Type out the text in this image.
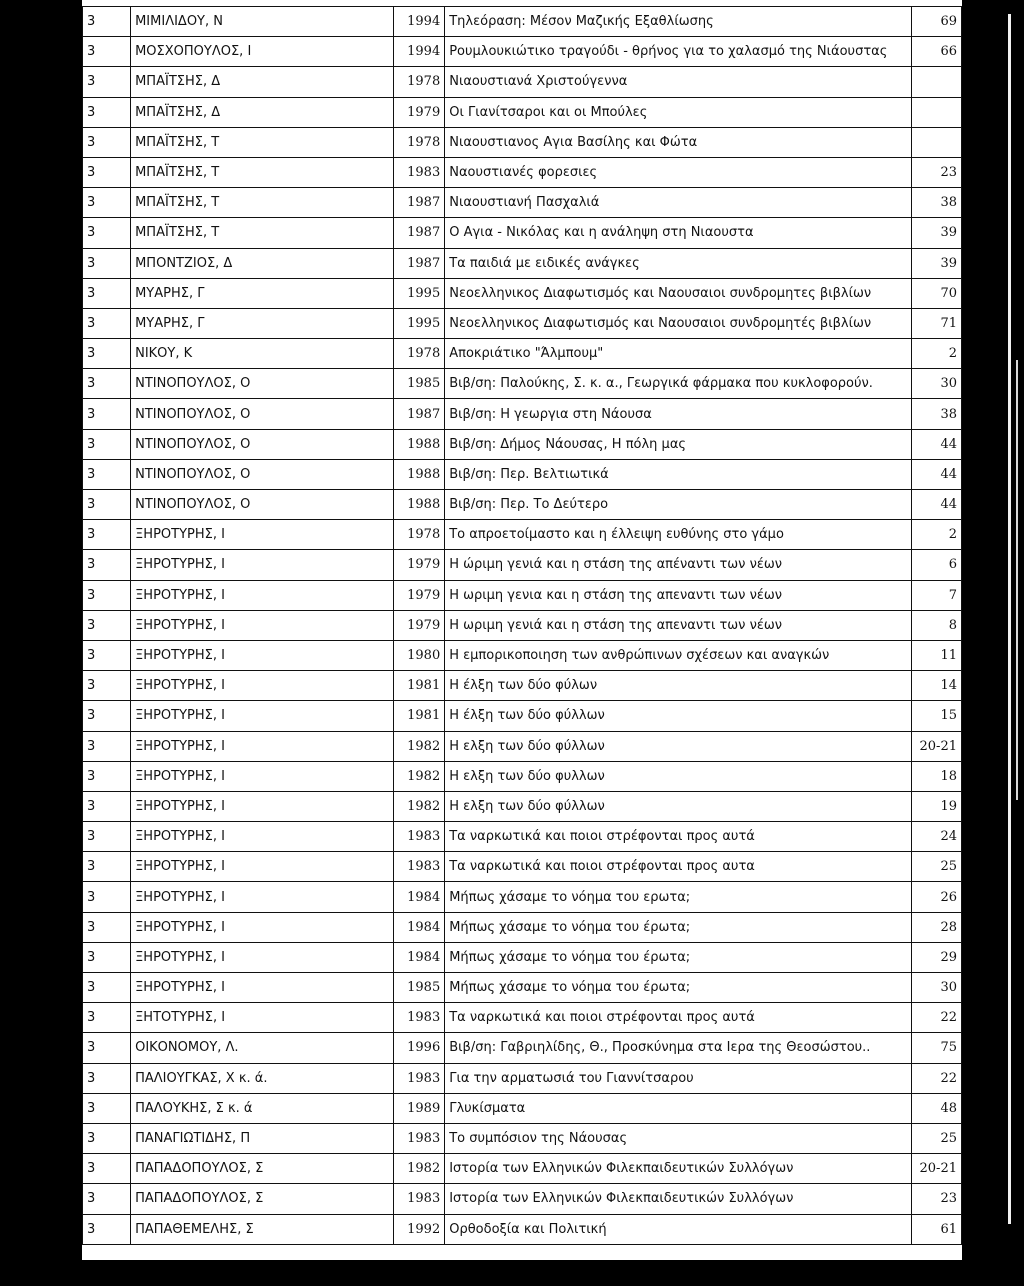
3	ΜΙΜΙΛΙΔΟΥ, Ν	1994	Τηλεόραση: Μέσον Μαζικής Εξαθλίωσης	69
3	ΜΟΣΧΟΠΟΥΛΟΣ, Ι	1994	Ρουμλουκιώτικο τραγούδι - θρήνος για το χαλασμό της Νιάουστας	66
3	ΜΠΑΪΤΣΗΣ, Δ	1978	Νιαουστιανά Χριστούγεννα	
3	ΜΠΑΪΤΣΗΣ, Δ	1979	Οι Γιανίτσαροι και οι Μπούλες	
3	ΜΠΑΪΤΣΗΣ, Τ	1978	Νιαουστιανος Αγια Βασίλης και Φώτα	
3	ΜΠΑΪΤΣΗΣ, Τ	1983	Ναουστιανές φορεσιες	23
3	ΜΠΑΪΤΣΗΣ, Τ	1987	Νιαουστιανή Πασχαλιά	38
3	ΜΠΑΪΤΣΗΣ, Τ	1987	Ο Αγια - Νικόλας και η ανάληψη στη Νιαουστα	39
3	ΜΠΟΝΤΖΙΟΣ, Δ	1987	Τα παιδιά με ειδικές ανάγκες	39
3	ΜΥΑΡΗΣ, Γ	1995	Νεοελληνικος Διαφωτισμός και Ναουσαιοι συνδρομητες βιβλίων	70
3	ΜΥΑΡΗΣ, Γ	1995	Νεοελληνικος Διαφωτισμός και Ναουσαιοι συνδρομητές βιβλίων	71
3	ΝΙΚΟΥ, Κ	1978	Αποκριάτικο "Άλμπουμ"	2
3	ΝΤΙΝΟΠΟΥΛΟΣ, Ο	1985	Βιβ/ση: Παλούκης, Σ. κ. α., Γεωργικά φάρμακα που κυκλοφορούν.	30
3	ΝΤΙΝΟΠΟΥΛΟΣ, Ο	1987	Βιβ/ση: Η γεωργια στη Νάουσα	38
3	ΝΤΙΝΟΠΟΥΛΟΣ, Ο	1988	Βιβ/ση: Δήμος Νάουσας, Η πόλη μας	44
3	ΝΤΙΝΟΠΟΥΛΟΣ, Ο	1988	Βιβ/ση: Περ. Βελτιωτικά	44
3	ΝΤΙΝΟΠΟΥΛΟΣ, Ο	1988	Βιβ/ση: Περ. Το Δεύτερο	44
3	ΞΗΡΟΤΥΡΗΣ, Ι	1978	Το απροετοίμαστο και η έλλειψη ευθύνης στο γάμο	2
3	ΞΗΡΟΤΥΡΗΣ, Ι	1979	Η ώριμη γενιά και η στάση της απέναντι των νέων	6
3	ΞΗΡΟΤΥΡΗΣ, Ι	1979	Η ωριμη γενια και η στάση της απεναντι των νέων	7
3	ΞΗΡΟΤΥΡΗΣ, Ι	1979	Η ωριμη γενιά και η στάση της απεναντι των νέων	8
3	ΞΗΡΟΤΥΡΗΣ, Ι	1980	Η εμπορικοποιηση των ανθρώπινων σχέσεων και αναγκών	11
3	ΞΗΡΟΤΥΡΗΣ, Ι	1981	Η έλξη των δύο φύλων	14
3	ΞΗΡΟΤΥΡΗΣ, Ι	1981	Η έλξη των δύο φύλλων	15
3	ΞΗΡΟΤΥΡΗΣ, Ι	1982	Η ελξη των δύο φύλλων	20-21
3	ΞΗΡΟΤΥΡΗΣ, Ι	1982	Η ελξη των δύο φυλλων	18
3	ΞΗΡΟΤΥΡΗΣ, Ι	1982	Η ελξη των δύο φύλλων	19
3	ΞΗΡΟΤΥΡΗΣ, Ι	1983	Τα ναρκωτικά και ποιοι στρέφονται προς αυτά	24
3	ΞΗΡΟΤΥΡΗΣ, Ι	1983	Τα ναρκωτικά και ποιοι στρέφονται προς αυτα	25
3	ΞΗΡΟΤΥΡΗΣ, Ι	1984	Μήπως χάσαμε το νόημα του ερωτα;	26
3	ΞΗΡΟΤΥΡΗΣ, Ι	1984	Μήπως χάσαμε το νόημα του έρωτα;	28
3	ΞΗΡΟΤΥΡΗΣ, Ι	1984	Μήπως χάσαμε το νόημα του έρωτα;	29
3	ΞΗΡΟΤΥΡΗΣ, Ι	1985	Μήπως χάσαμε το νόημα του έρωτα;	30
3	ΞΗΤΟΤΥΡΗΣ, Ι	1983	Τα ναρκωτικά και ποιοι στρέφονται προς αυτά	22
3	ΟΙΚΟΝΟΜΟΥ, Λ.	1996	Βιβ/ση: Γαβριηλίδης, Θ., Προσκύνημα στα Ιερα της Θεοσώστου..	75
3	ΠΑΛΙΟΥΓΚΑΣ, Χ κ. ά.	1983	Για την αρματωσιά του Γιαννίτσαρου	22
3	ΠΑΛΟΥΚΗΣ, Σ κ. ά	1989	Γλυκίσματα	48
3	ΠΑΝΑΓΙΩΤΙΔΗΣ, Π	1983	Το συμπόσιον της Νάουσας	25
3	ΠΑΠΑΔΟΠΟΥΛΟΣ, Σ	1982	Ιστορία των Ελληνικών Φιλεκπαιδευτικών Συλλόγων	20-21
3	ΠΑΠΑΔΟΠΟΥΛΟΣ, Σ	1983	Ιστορία των Ελληνικών Φιλεκπαιδευτικών Συλλόγων	23
3	ΠΑΠΑΘΕΜΕΛΗΣ, Σ	1992	Ορθοδοξία και Πολιτική	61
